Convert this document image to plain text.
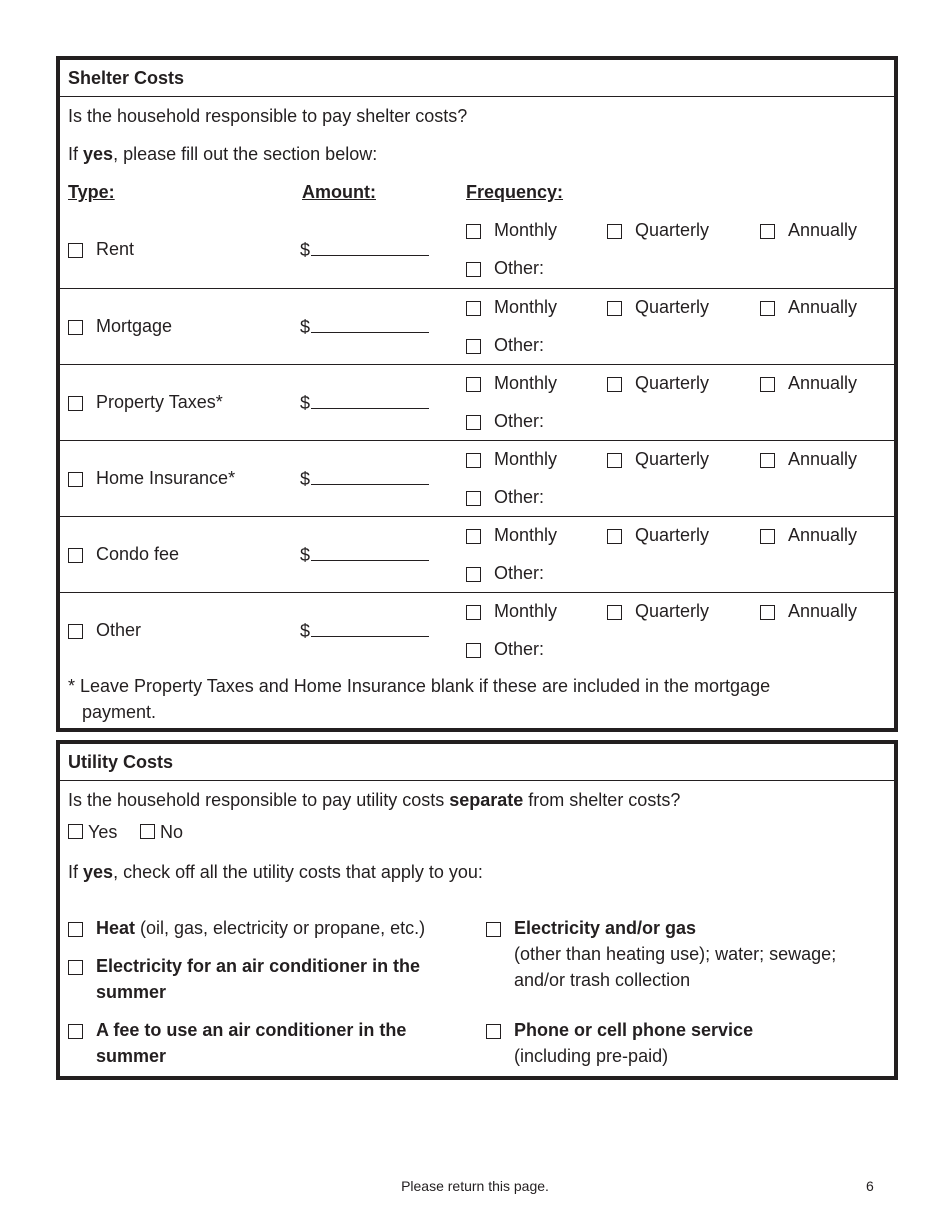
Shelter Costs
Is the household responsible to pay shelter costs?
If yes, please fill out the section below:
Type:	Amount:	Frequency:
Rent	$
Monthly	Quarterly	Annually
Other:
Mortgage	$
Monthly	Quarterly	Annually
Other:
Property Taxes*	$
Monthly	Quarterly	Annually
Other:
Home Insurance*	$
Monthly	Quarterly	Annually
Other:
Condo fee	$
Monthly	Quarterly	Annually
Other:
Other	$
Monthly	Quarterly	Annually
Other:
* Leave Property Taxes and Home Insurance blank if these are included in the mortgage
payment.
Utility Costs
Is the household responsible to pay utility costs separate from shelter costs?
Yes No
If yes, check off all the utility costs that apply to you:
Heat (oil, gas, electricity or propane, etc.)
Electricity for an air conditioner in the
summer
A fee to use an air conditioner in the
summer
Electricity and/or gas
(other than heating use); water; sewage;
and/or trash collection
Phone or cell phone service
(including pre-paid)
Please return this page.	6
